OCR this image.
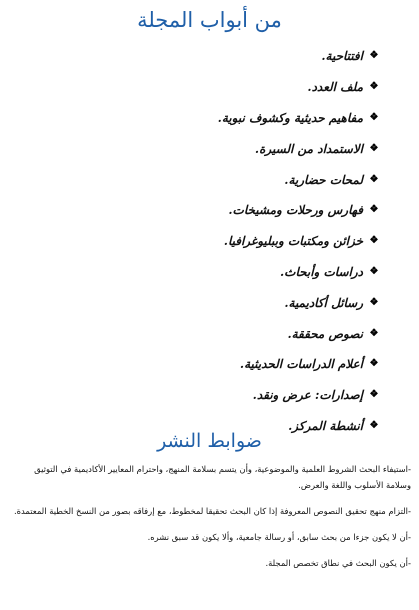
من أبواب المجلة
❖
افتتاحية.
❖
ملف العدد.
❖
مفاهيم حديثية وكشوف نبوية.
❖
الاستمداد من السيرة.
❖
لمحات حضارية.
❖
فهارس ورحلات ومشيخات.
❖
خزائن ومكتبات وببليوغرافيا.
❖
دراسات وأبحاث.
❖
رسائل أكاديمية.
❖
نصوص محققة.
❖
أعلام الدراسات الحديثية.
❖
إصدارات: عرض ونقد.
❖
أنشطة المركز.
ضوابط النشر

-استيفاء البحث الشروط العلمية والموضوعية، وأن يتسم بسلامة المنهج، واحترام المعايير الأكاديمية في التوثيق وسلامة الأسلوب واللغة والعرض.

-التزام منهج تحقيق النصوص المعروفة إذا كان البحث تحقيقا لمخطوط، مع إرفاقه بصور من النسخ الخطية المعتمدة.

-أن لا يكون جزءا من بحث سابق، أو رسالة جامعية، وألا يكون قد سبق نشره.

-أن يكون البحث في نطاق تخصص المجلة.
